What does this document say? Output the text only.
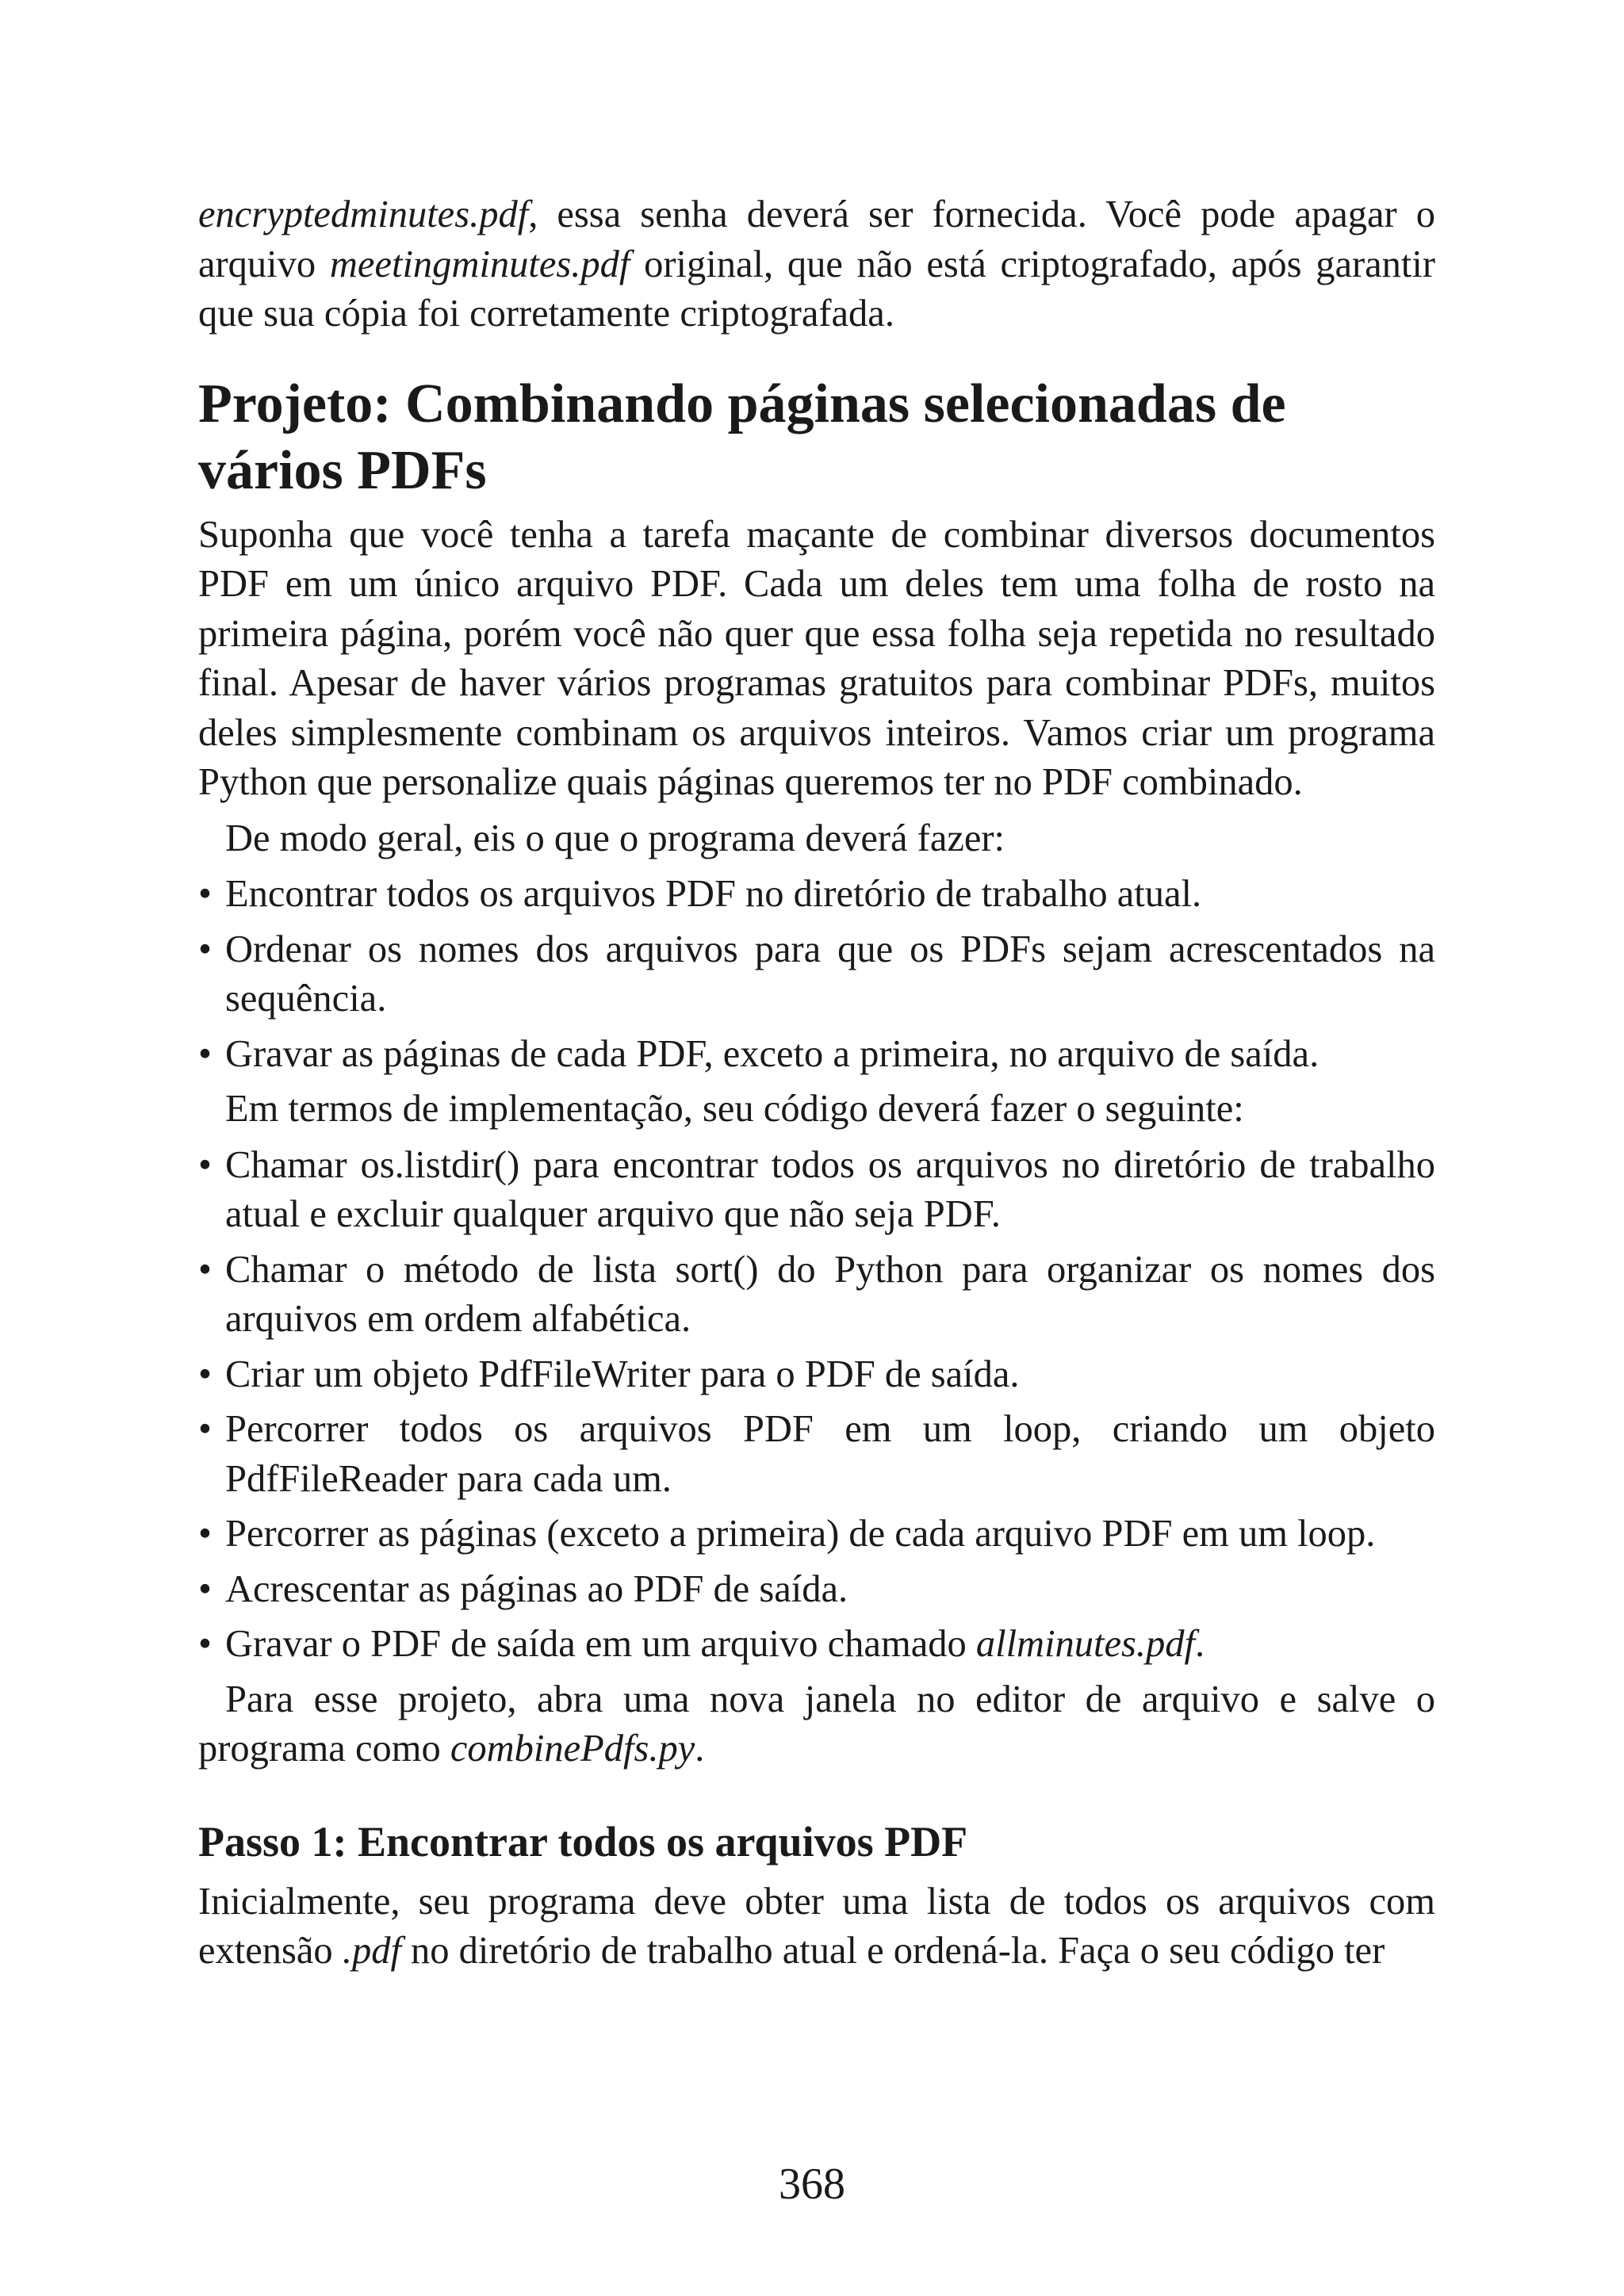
encryptedminutes.pdf, essa senha deverá ser fornecida. Você pode apagar o arquivo meetingminutes.pdf original, que não está criptografado, após garantir que sua cópia foi corretamente criptografada.

Projeto: Combinando páginas selecionadas de vários PDFs

Suponha que você tenha a tarefa maçante de combinar diversos documentos PDF em um único arquivo PDF. Cada um deles tem uma folha de rosto na primeira página, porém você não quer que essa folha seja repetida no resultado final. Apesar de haver vários programas gratuitos para combinar PDFs, muitos deles simplesmente combinam os arquivos inteiros. Vamos criar um programa Python que personalize quais páginas queremos ter no PDF combinado.

De modo geral, eis o que o programa deverá fazer:

• Encontrar todos os arquivos PDF no diretório de trabalho atual.
• Ordenar os nomes dos arquivos para que os PDFs sejam acrescentados na sequência.
• Gravar as páginas de cada PDF, exceto a primeira, no arquivo de saída.

Em termos de implementação, seu código deverá fazer o seguinte:

• Chamar os.listdir() para encontrar todos os arquivos no diretório de trabalho atual e excluir qualquer arquivo que não seja PDF.
• Chamar o método de lista sort() do Python para organizar os nomes dos arquivos em ordem alfabética.
• Criar um objeto PdfFileWriter para o PDF de saída.
• Percorrer todos os arquivos PDF em um loop, criando um objeto PdfFileReader para cada um.
• Percorrer as páginas (exceto a primeira) de cada arquivo PDF em um loop.
• Acrescentar as páginas ao PDF de saída.
• Gravar o PDF de saída em um arquivo chamado allminutes.pdf.

Para esse projeto, abra uma nova janela no editor de arquivo e salve o programa como combinePdfs.py.

Passo 1: Encontrar todos os arquivos PDF

Inicialmente, seu programa deve obter uma lista de todos os arquivos com extensão .pdf no diretório de trabalho atual e ordená-la. Faça o seu código ter

368
